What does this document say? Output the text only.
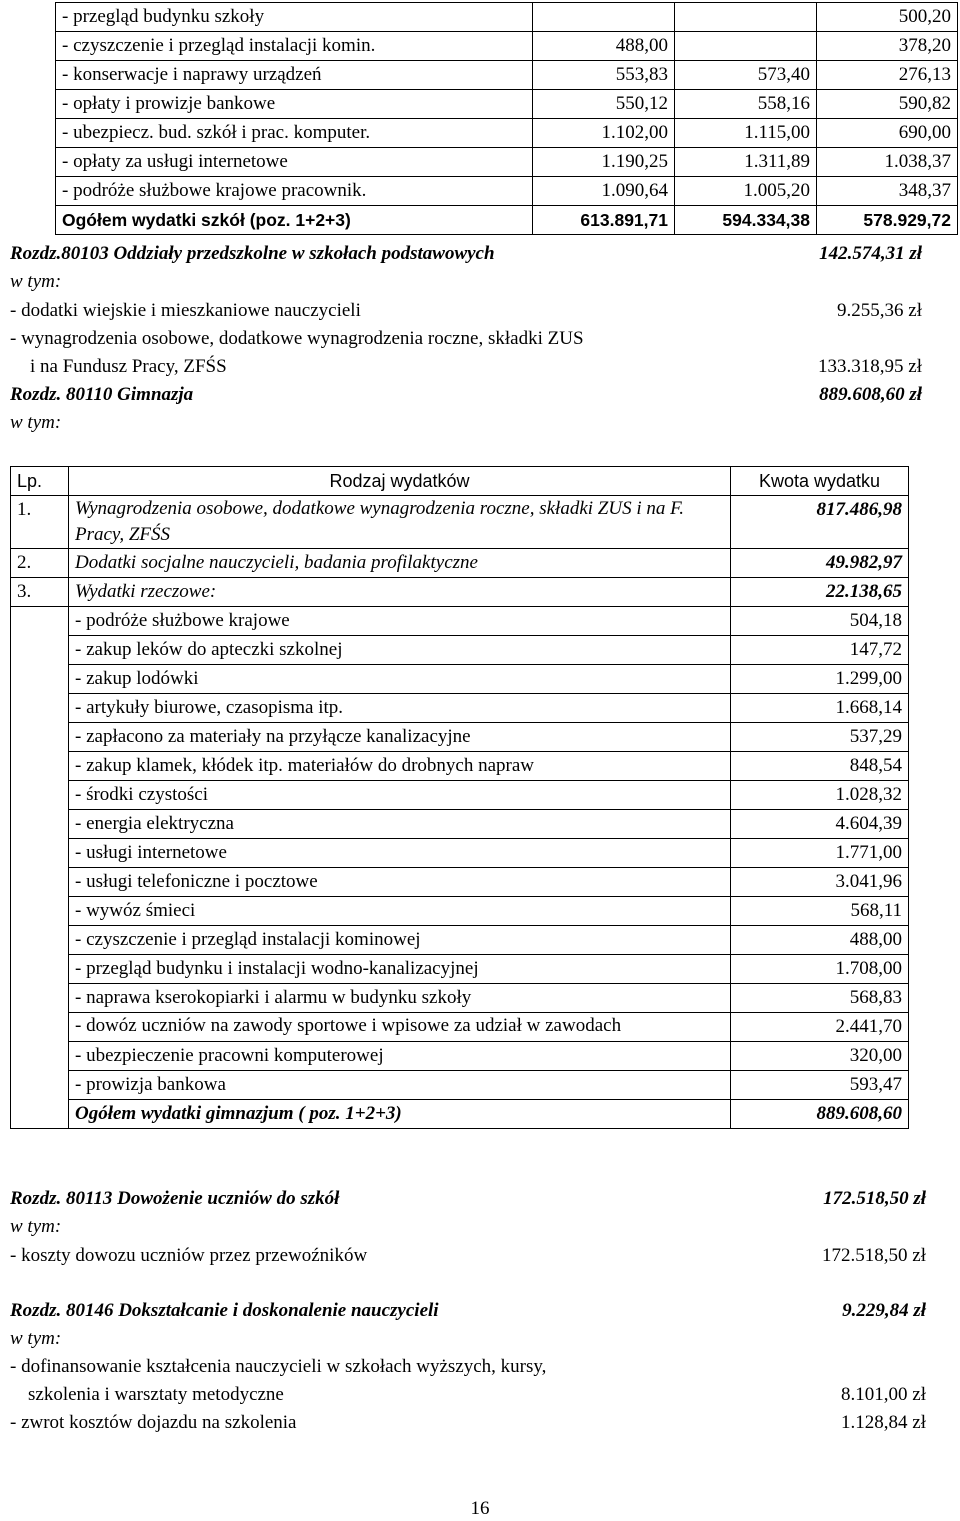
- przegląd budynku szkoły			500,20
- czyszczenie i przegląd instalacji komin.	488,00		378,20
- konserwacje i naprawy urządzeń	553,83	573,40	276,13
- opłaty i prowizje bankowe	550,12	558,16	590,82
- ubezpiecz. bud. szkół i prac. komputer.	1.102,00	1.115,00	690,00
- opłaty za usługi internetowe	1.190,25	1.311,89	1.038,37
- podróże służbowe krajowe pracownik.	1.090,64	1.005,20	348,37
Ogółem wydatki szkół (poz. 1+2+3)	613.891,71	594.334,38	578.929,72
Rozdz.80103 Oddziały przedszkolne w szkołach podstawowych	142.574,31 zł
w tym:
- dodatki wiejskie i mieszkaniowe nauczycieli	9.255,36 zł
- wynagrodzenia osobowe, dodatkowe wynagrodzenia roczne, składki ZUS
i na Fundusz Pracy, ZFŚS	133.318,95 zł
Rozdz. 80110 Gimnazja	889.608,60 zł
w tym:
Lp.	Rodzaj wydatków	Kwota wydatku
1.	Wynagrodzenia osobowe, dodatkowe wynagrodzenia roczne, składki ZUS i na F. Pracy, ZFŚS	817.486,98
2.	Dodatki socjalne nauczycieli, badania profilaktyczne	49.982,97
3.	Wydatki rzeczowe:	22.138,65
	- podróże służbowe krajowe	504,18
	- zakup leków do apteczki szkolnej	147,72
	- zakup lodówki	1.299,00
	- artykuły biurowe, czasopisma itp.	1.668,14
	- zapłacono za materiały na przyłącze kanalizacyjne	537,29
	- zakup klamek, kłódek itp. materiałów do drobnych napraw	848,54
	- środki czystości	1.028,32
	- energia elektryczna	4.604,39
	- usługi internetowe	1.771,00
	- usługi telefoniczne i pocztowe	3.041,96
	- wywóz śmieci	568,11
	- czyszczenie i przegląd instalacji kominowej	488,00
	- przegląd budynku i instalacji wodno-kanalizacyjnej	1.708,00
	- naprawa kserokopiarki i alarmu w budynku szkoły	568,83
	- dowóz uczniów na zawody sportowe i wpisowe za udział w zawodach	2.441,70
	- ubezpieczenie pracowni komputerowej	320,00
	- prowizja bankowa	593,47
	Ogółem wydatki gimnazjum ( poz. 1+2+3)	889.608,60
Rozdz. 80113 Dowożenie uczniów do szkół	172.518,50 zł
w tym:
- koszty dowozu uczniów przez przewoźników	172.518,50 zł
Rozdz. 80146 Dokształcanie i doskonalenie nauczycieli	9.229,84 zł
w tym:
- dofinansowanie kształcenia nauczycieli w szkołach wyższych, kursy,
szkolenia i warsztaty metodyczne	8.101,00 zł
- zwrot kosztów dojazdu na szkolenia	1.128,84 zł
16
